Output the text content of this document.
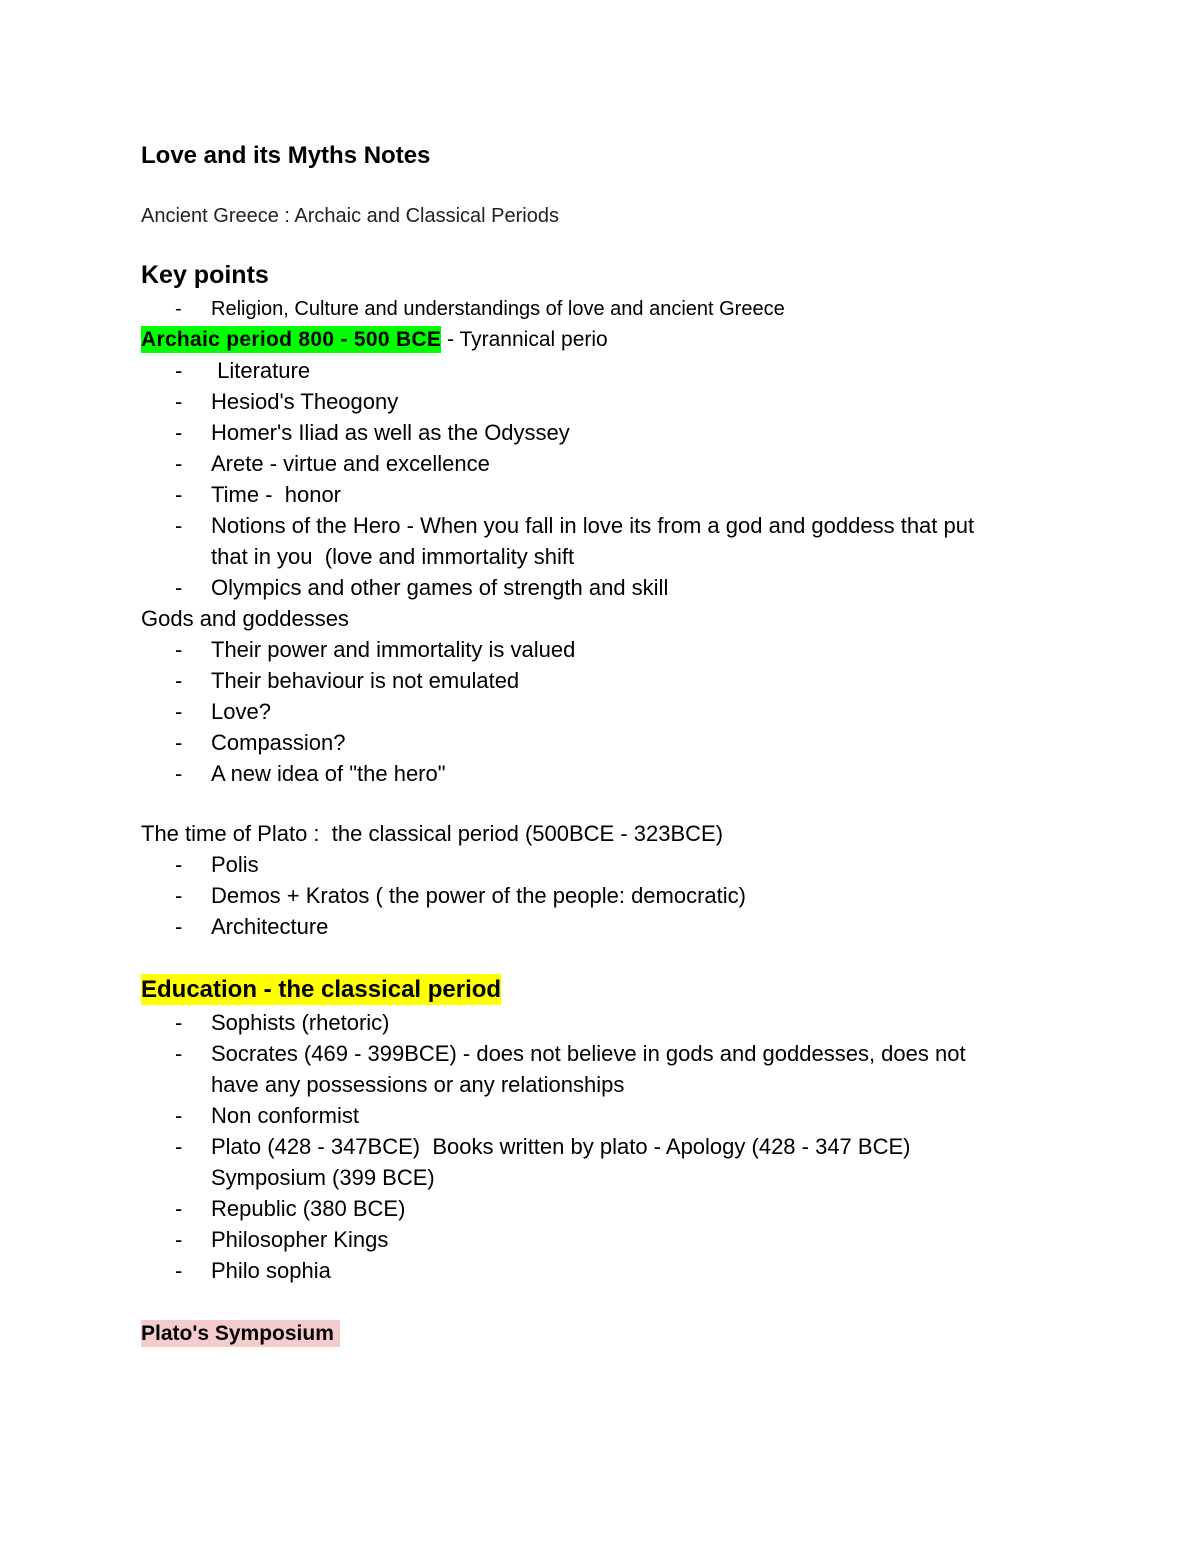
Love and its Myths Notes
Ancient Greece : Archaic and Classical Periods
Key points
-	Religion, Culture and understandings of love and ancient Greece
Archaic period 800 - 500 BCE - Tyrannical perio
-	Literature
-	Hesiod's Theogony
-	Homer's Iliad as well as the Odyssey
-	Arete - virtue and excellence
-	Time -  honor
-	Notions of the Hero - When you fall in love its from a god and goddess that put
that in you  (love and immortality shift
-	Olympics and other games of strength and skill
Gods and goddesses
-	Their power and immortality is valued
-	Their behaviour is not emulated
-	Love?
-	Compassion?
-	A new idea of "the hero"
The time of Plato :  the classical period (500BCE - 323BCE)
-	Polis
-	Demos + Kratos ( the power of the people: democratic)
-	Architecture
Education - the classical period
-	Sophists (rhetoric)
-	Socrates (469 - 399BCE) - does not believe in gods and goddesses, does not
have any possessions or any relationships
-	Non conformist
-	Plato (428 - 347BCE)  Books written by plato - Apology (428 - 347 BCE)
Symposium (399 BCE)
-	Republic (380 BCE)
-	Philosopher Kings
-	Philo sophia
Plato's Symposium
